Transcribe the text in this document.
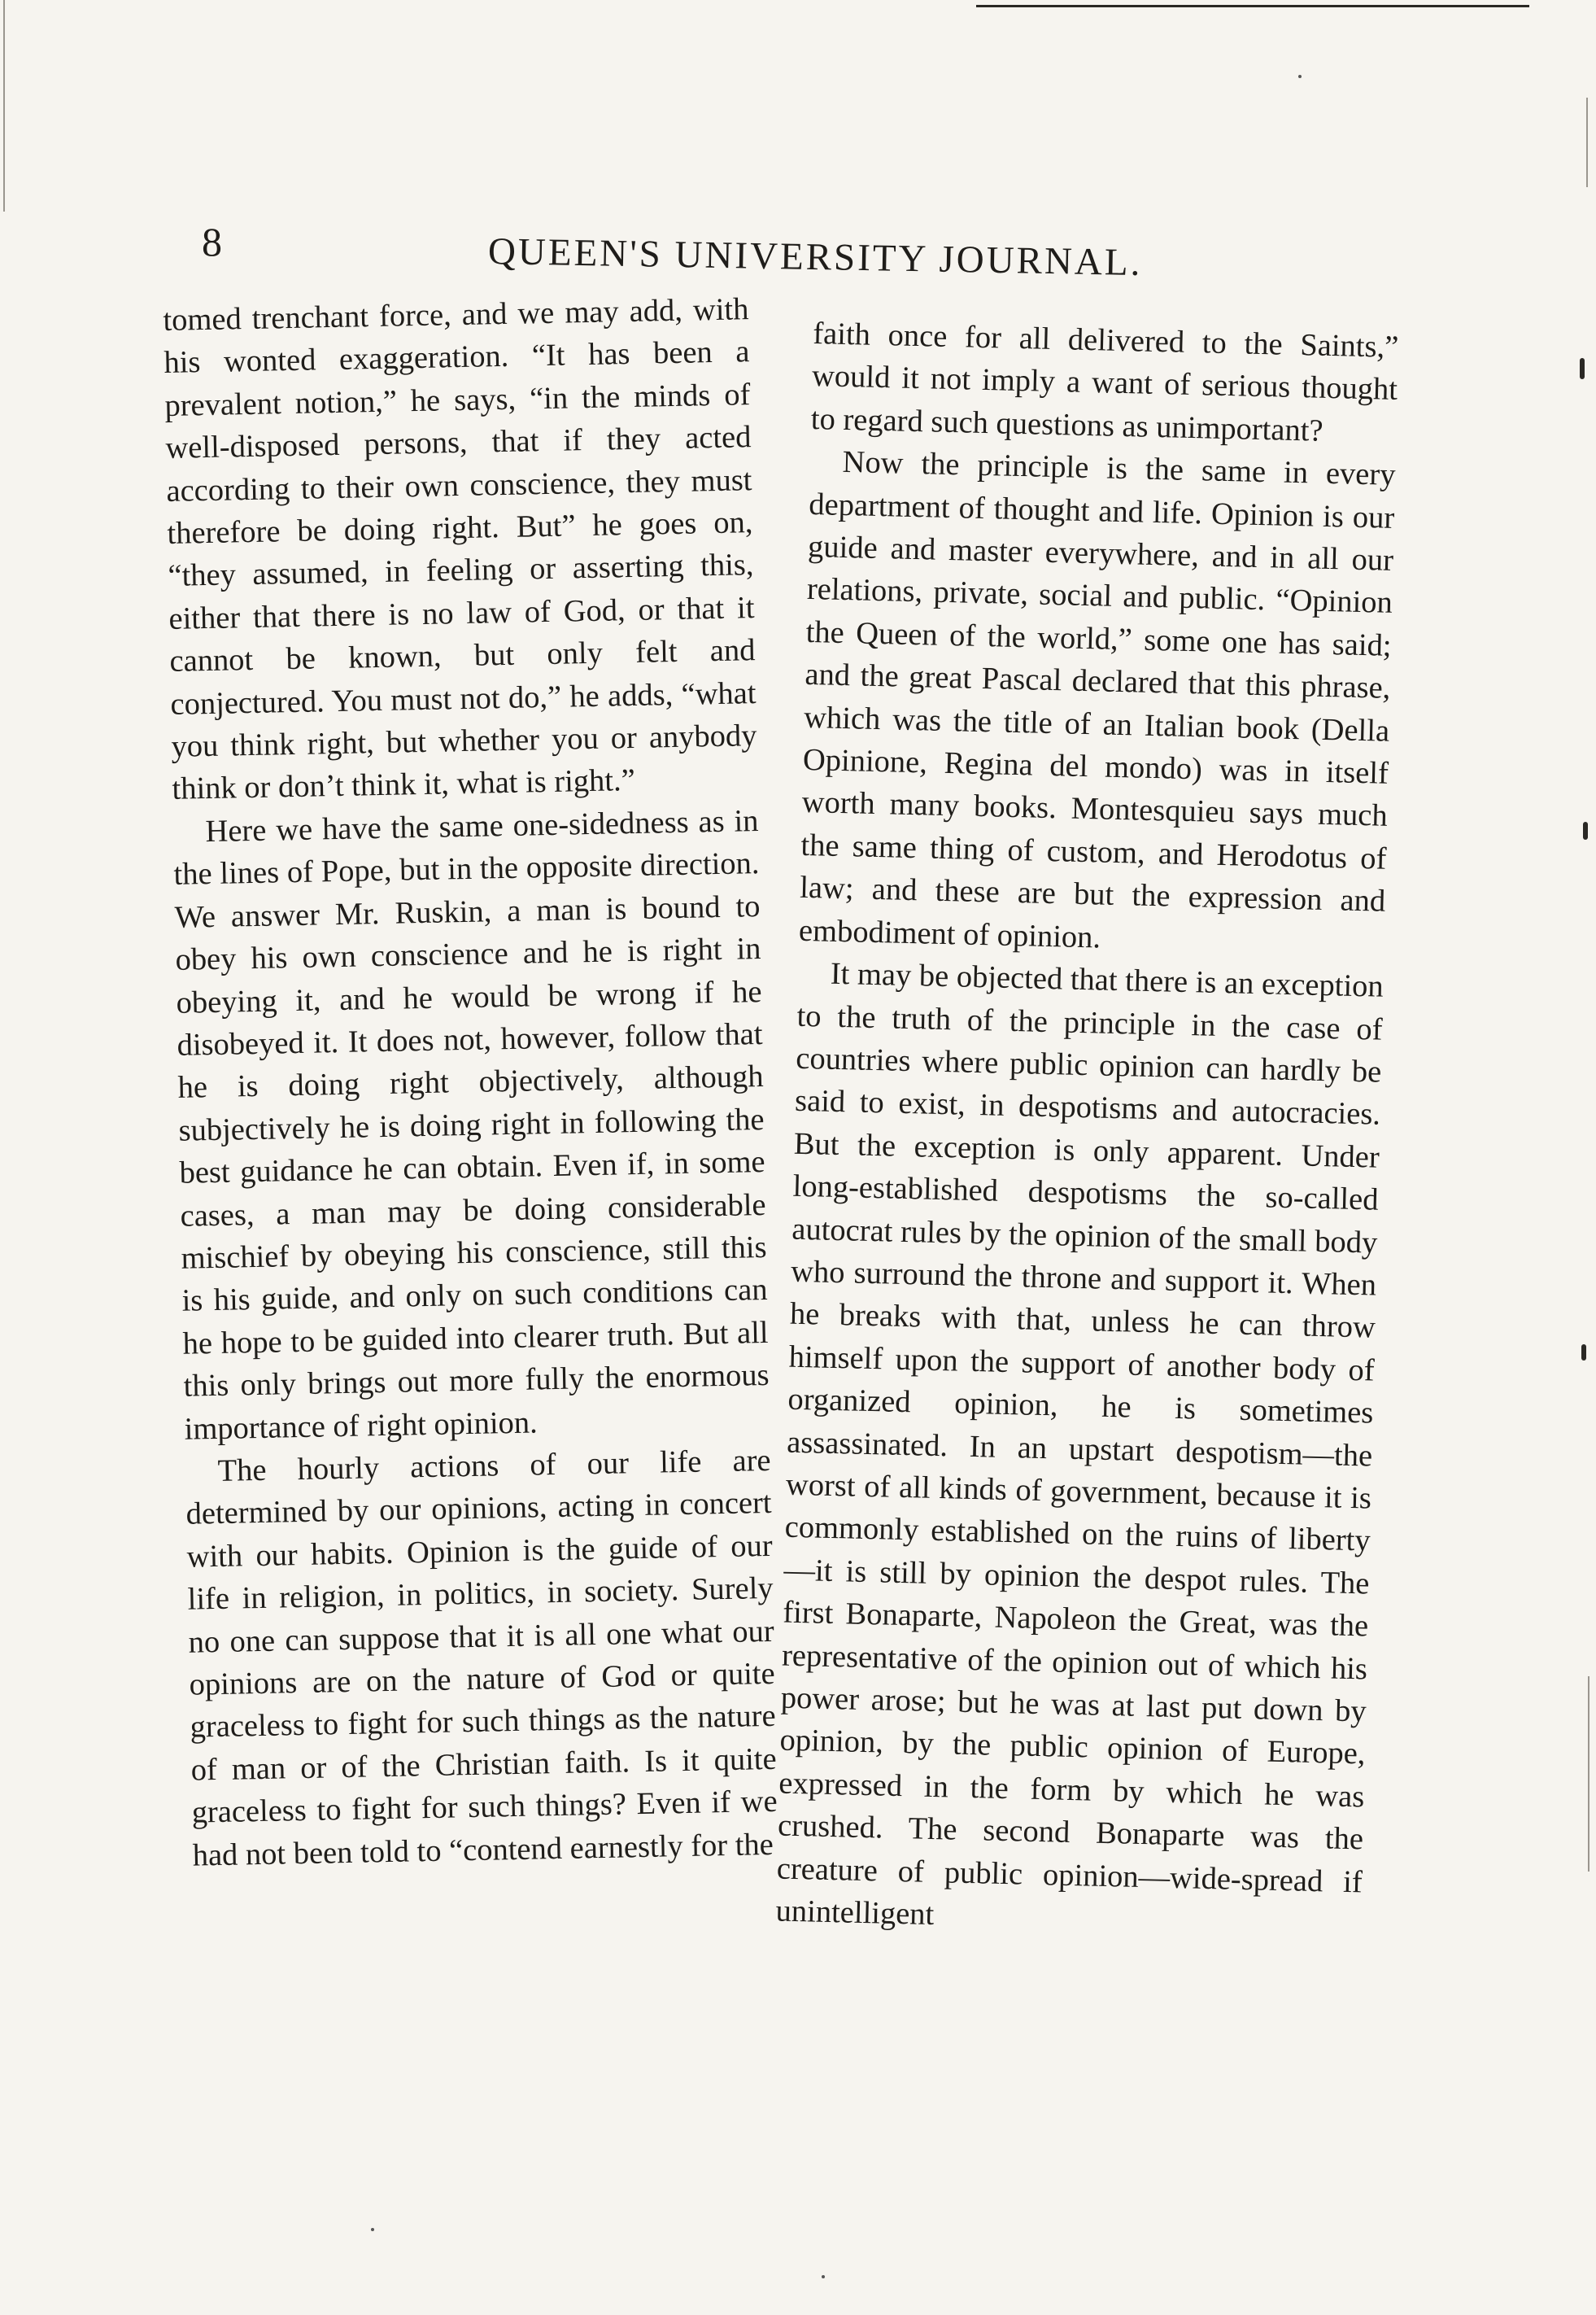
8	QUEEN'S UNIVERSITY JOURNAL.

tomed trenchant force, and we may add, with his wonted exaggeration. “It has been a prevalent notion,” he says, “in the minds of well-disposed persons, that if they acted according to their own conscience, they must therefore be doing right. But” he goes on, “they assumed, in feeling or asserting this, either that there is no law of God, or that it cannot be known, but only felt and conjectured. You must not do,” he adds, “what you think right, but whether you or anybody think or don’t think it, what is right.”

Here we have the same one-sidedness as in the lines of Pope, but in the opposite direction. We answer Mr. Ruskin, a man is bound to obey his own conscience and he is right in obeying it, and he would be wrong if he disobeyed it. It does not, however, follow that he is doing right objectively, although subjectively he is doing right in following the best guidance he can obtain. Even if, in some cases, a man may be doing considerable mischief by obeying his conscience, still this is his guide, and only on such conditions can he hope to be guided into clearer truth. But all this only brings out more fully the enormous importance of right opinion.

The hourly actions of our life are determined by our opinions, acting in concert with our habits. Opinion is the guide of our life in religion, in politics, in society. Surely no one can suppose that it is all one what our opinions are on the nature of God or quite graceless to fight for such things as the nature of man or of the Christian faith. Is it quite graceless to fight for such things? Even if we had not been told to “contend earnestly for the

faith once for all delivered to the Saints,” would it not imply a want of serious thought to regard such questions as unimportant?

Now the principle is the same in every department of thought and life. Opinion is our guide and master everywhere, and in all our relations, private, social and public. “Opinion the Queen of the world,” some one has said; and the great Pascal declared that this phrase, which was the title of an Italian book (Della Opinione, Regina del mondo) was in itself worth many books. Montesquieu says much the same thing of custom, and Herodotus of law; and these are but the expression and embodiment of opinion.

It may be objected that there is an exception to the truth of the principle in the case of countries where public opinion can hardly be said to exist, in despotisms and autocracies. But the exception is only apparent. Under long-established despotisms the so-called autocrat rules by the opinion of the small body who surround the throne and support it. When he breaks with that, unless he can throw himself upon the support of another body of organized opinion, he is sometimes assassinated. In an upstart despotism—the worst of all kinds of government, because it is commonly established on the ruins of liberty—it is still by opinion the despot rules. The first Bonaparte, Napoleon the Great, was the representative of the opinion out of which his power arose; but he was at last put down by opinion, by the public opinion of Europe, expressed in the form by which he was crushed. The second Bonaparte was the creature of public opinion—wide-spread if unintelligent
